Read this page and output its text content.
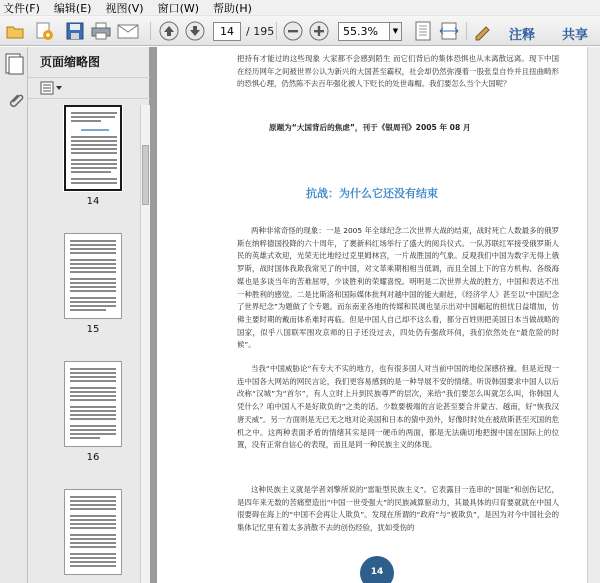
文件(F) 编辑(E) 视图(V) 窗口(W) 帮助(H)
14	/ 195	55.3%	▼	注释 共享
页面缩略图
14
15
16
把持有才能过的这些现象 大家都不会感到陌生 而它们背后的集体恐惧也从未离散远离。现下中国在经历网年之间被世界公认为新兴的大国甚至霸权，社会却仍然弥漫着一股张皇自怜并且扭曲畸形的恐惧心理，仍然陈不去百年强化被人下贬长的处世毒帽。我们要怎么当个大国呢？
原题为“大国背后的焦虑”，刊于《银周刊》2005 年 08 月
抗战：为什么它还没有结束
两种非常奇怪的现象：一是 2005 年全球纪念二次世界大战的结束，战时死亡人数最多的俄罗斯在纳粹德国投降的六十周年，了裹新科红场举行了盛大的阅兵仪式。一队苏联红军接受俄罗斯人民的英雄式欢迎，光荣无比地经过克里姆林宫，一片战胜国的气象。反观我们中国为数字无得上俄罗斯，战时国体我欺我常见了的中国，对文革乘期相相当低调，而且全国上下的官方机构、各级海媒也是多谈当年的苦难屈辱，少谈胜利的荣耀喜悦。明明是二次世界大战的胜方，中国和表达不出一种胜利的感觉。二是比斯洛和国际媒体批判对越中国的能大耐赶，《经济学人》甚至以“中国纪念了世界纪念”为题做了个专题。而东南亚各地的传媒和民调也显示出对中国崛起的担忧日益增加，仿佛主要时期的戴而体系难时再临。但是中国人自己却不这么看，都分百姓则把美国日本当做战略的国家，似乎八国联军围攻京师的日子还没过去，四处仍有强敌环伺，我们依然处在“最危险的时候”。
当我“中国威胁论”有专大不实的地方，也有很多国人对当前中国的地位深感挤撞。但是近现一连中国各大网站的网民言论，我们更容易感到的是一种导展不安的情绪。听说韩国要求中国人以后改称“汉城”为“首尔”，有人立时上升到民族尊严的层次，来给“我们要怎么叫就怎么叫，你韩国人凭什么？咱中国人不是好欺负的”之类的话。少数要极端的言论甚至要合并蒙古、越南，好“恢我汉唐天威”。另一方面则是无已无之地对论美国和日本的猜中劲外，好像时时处在被敌斯甚至灭国的危机之中。这两种表面矛盾的情绪其实是同一硬币的两面，都是无法确切地把握中国在国际上的位置，没有正常自信心的表现，而且是同一种民族主义的体现。
这种民族主义就是学者刘擎所说的“雷耻型民族主义”。它表露目一连串的“国耻”和创伤记忆，是四年来无数的苦痛塑造出“中国一世受强大”的民族减算驱动力，其最具体的归育要就就在中国人很要碍在海上的“中国不会再让人欺负”。发现在所谓的“政府”与“被欺负”，是因为对今中国社会的集体记忆里有着太多消散不去的创伤经验，犹如受伤的
14
